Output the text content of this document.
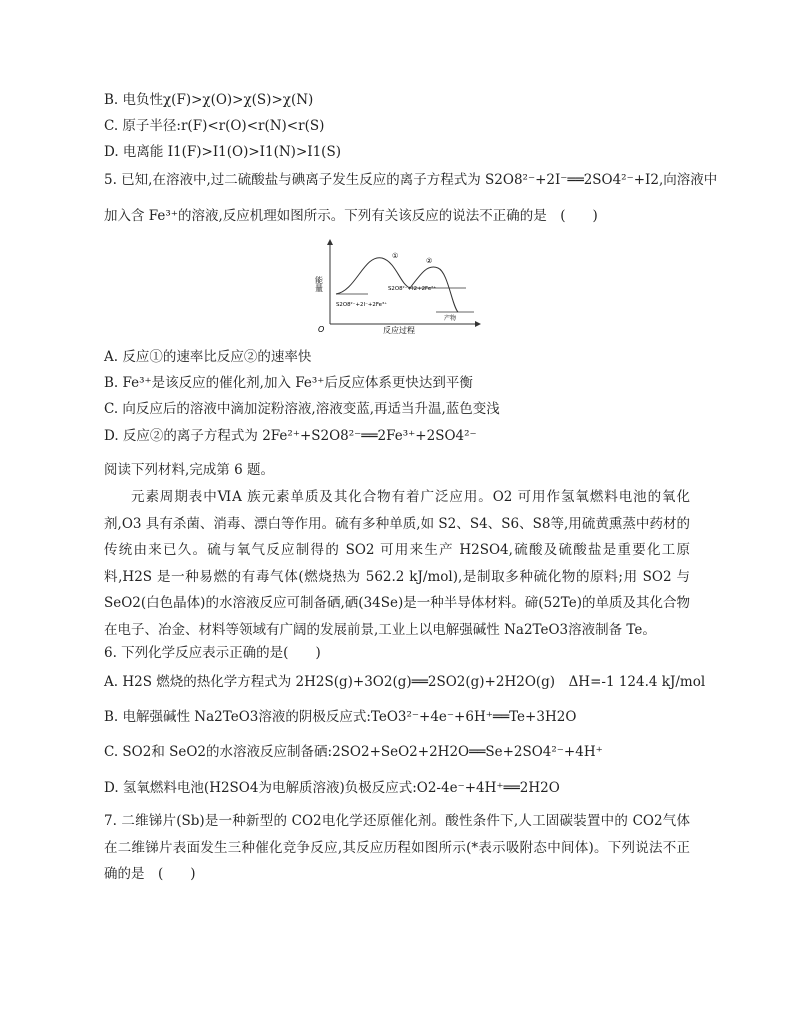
B. 电负性χ(F)>χ(O)>χ(S)>χ(N)
C. 原子半径:r(F)<r(O)<r(N)<r(S)
D. 电离能 I1(F)>I1(O)>I1(N)>I1(S)
5. 已知,在溶液中,过二硫酸盐与碘离子发生反应的离子方程式为 S2O8²⁻+2I⁻══2SO4²⁻+I2,向溶液中
加入含 Fe³⁺的溶液,反应机理如图所示。下列有关该反应的说法不正确的是　(　　)
O
能量
反应过程
①
②
S2O8²⁻+2I⁻+2Fe³⁺
S2O8²⁻+I2+2Fe²⁺
产物
A. 反应①的速率比反应②的速率快
B. Fe³⁺是该反应的催化剂,加入 Fe³⁺后反应体系更快达到平衡
C. 向反应后的溶液中滴加淀粉溶液,溶液变蓝,再适当升温,蓝色变浅
D. 反应②的离子方程式为 2Fe²⁺+S2O8²⁻══2Fe³⁺+2SO4²⁻
阅读下列材料,完成第 6 题。
元素周期表中ⅥA 族元素单质及其化合物有着广泛应用。O2 可用作氢氧燃料电池的氧化剂,O3 具有杀菌、消毒、漂白等作用。硫有多种单质,如 S2、S4、S6、S8等,用硫黄熏蒸中药材的传统由来已久。硫与氧气反应制得的 SO2 可用来生产 H2SO4,硫酸及硫酸盐是重要化工原料,H2S 是一种易燃的有毒气体(燃烧热为 562.2 kJ/mol),是制取多种硫化物的原料;用 SO2 与 SeO2(白色晶体)的水溶液反应可制备硒,硒(34Se)是一种半导体材料。碲(52Te)的单质及其化合物在电子、冶金、材料等领域有广阔的发展前景,工业上以电解强碱性 Na2TeO3溶液制备 Te。
6. 下列化学反应表示正确的是(　　)
A. H2S 燃烧的热化学方程式为 2H2S(g)+3O2(g)══2SO2(g)+2H2O(g)　ΔH=-1 124.4 kJ/mol
B. 电解强碱性 Na2TeO3溶液的阴极反应式:TeO3²⁻+4e⁻+6H⁺══Te+3H2O
C. SO2和 SeO2的水溶液反应制备硒:2SO2+SeO2+2H2O══Se+2SO4²⁻+4H⁺
D. 氢氧燃料电池(H2SO4为电解质溶液)负极反应式:O2-4e⁻+4H⁺══2H2O
7. 二维锑片(Sb)是一种新型的 CO2电化学还原催化剂。酸性条件下,人工固碳装置中的 CO2气体在二维锑片表面发生三种催化竞争反应,其反应历程如图所示(*表示吸附态中间体)。下列说法不正确的是　(　　)
